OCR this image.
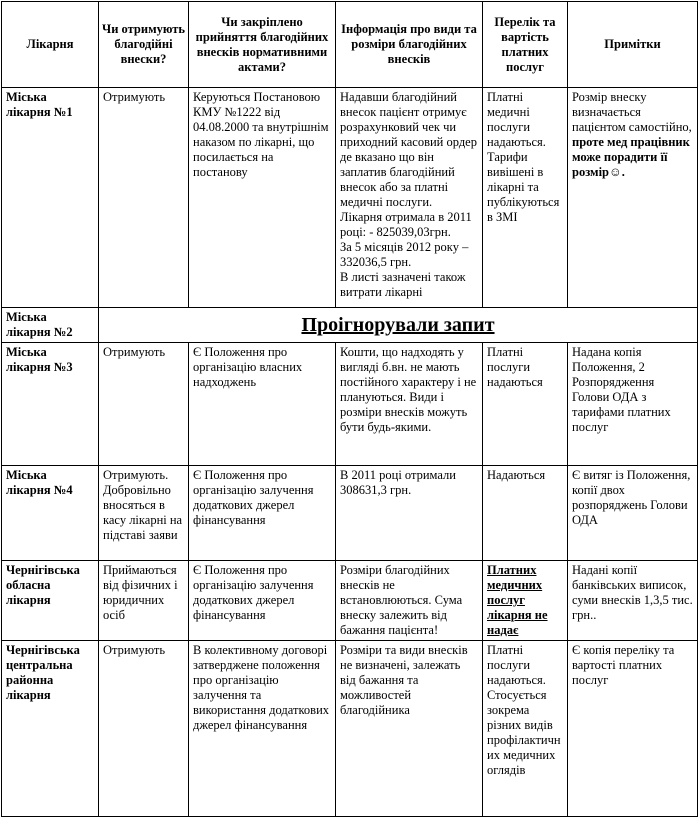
Лікарня	Чи отримують благодійні внески?	Чи закріплено прийняття благодійних внесків нормативними актами?	Інформація про види та розміри благодійних внесків	Перелік та вартість платних послуг	Примітки
Міська лікарня №1	Отримують	Керуються Постановою КМУ №1222 від 04.08.2000 та внутрішнім наказом по лікарні, що посилається на постанову	Надавши благодійний внесок пацієнт отримує розрахунковий чек чи приходний касовий ордер де вказано що він заплатив благодійний внесок або за платні медичні послуги.
Лікарня отримала в 2011 році: - 825039,03грн.
За 5 місяців 2012 року – 332036,5 грн.
В листі зазначені також витрати лікарні	Платні медичні послуги надаються. Тарифи вивішені в лікарні та публікуються в ЗМІ	Розмір внеску визначається пацієнтом самостійно, проте мед працівник може порадити її розмір☺.
Міська лікарня №2	Проігнорували запит				
Міська лікарня №3	Отримують	Є Положення про організацію власних надходжень	Кошти, що надходять у вигляді б.вн. не мають постійного характеру і не плануються. Види і розміри внесків можуть бути будь-якими.	Платні послуги надаються	Надана копія Положення, 2 Розпорядження Голови ОДА з тарифами платних послуг
Міська лікарня №4	Отримують. Добровільно вносяться в касу лікарні на підставі заяви	Є Положення про організацію залучення додаткових джерел фінансування	В 2011 році отримали 308631,3 грн.	Надаються	Є витяг із Положення, копії двох розпоряджень Голови ОДА
Чернігівська обласна лікарня	Приймаються від фізичних і юридичних осіб	Є Положення про організацію залучення додаткових джерел фінансування	Розміри благодійних внесків не встановлюються. Сума внеску залежить від бажання пацієнта!	Платних медичних послуг лікарня не надає	Надані копії банківських виписок, суми внесків 1,3,5 тис. грн..
Чернігівська центральна районна лікарня	Отримують	В колективному договорі затверджене положення про організацію залучення та використання додаткових джерел фінансування	Розміри та види внесків не визначені, залежать від бажання та можливостей благодійника	Платні послуги надаються. Стосується зокрема різних видів профілактичних медичних оглядів	Є копія переліку та вартості платних послуг
